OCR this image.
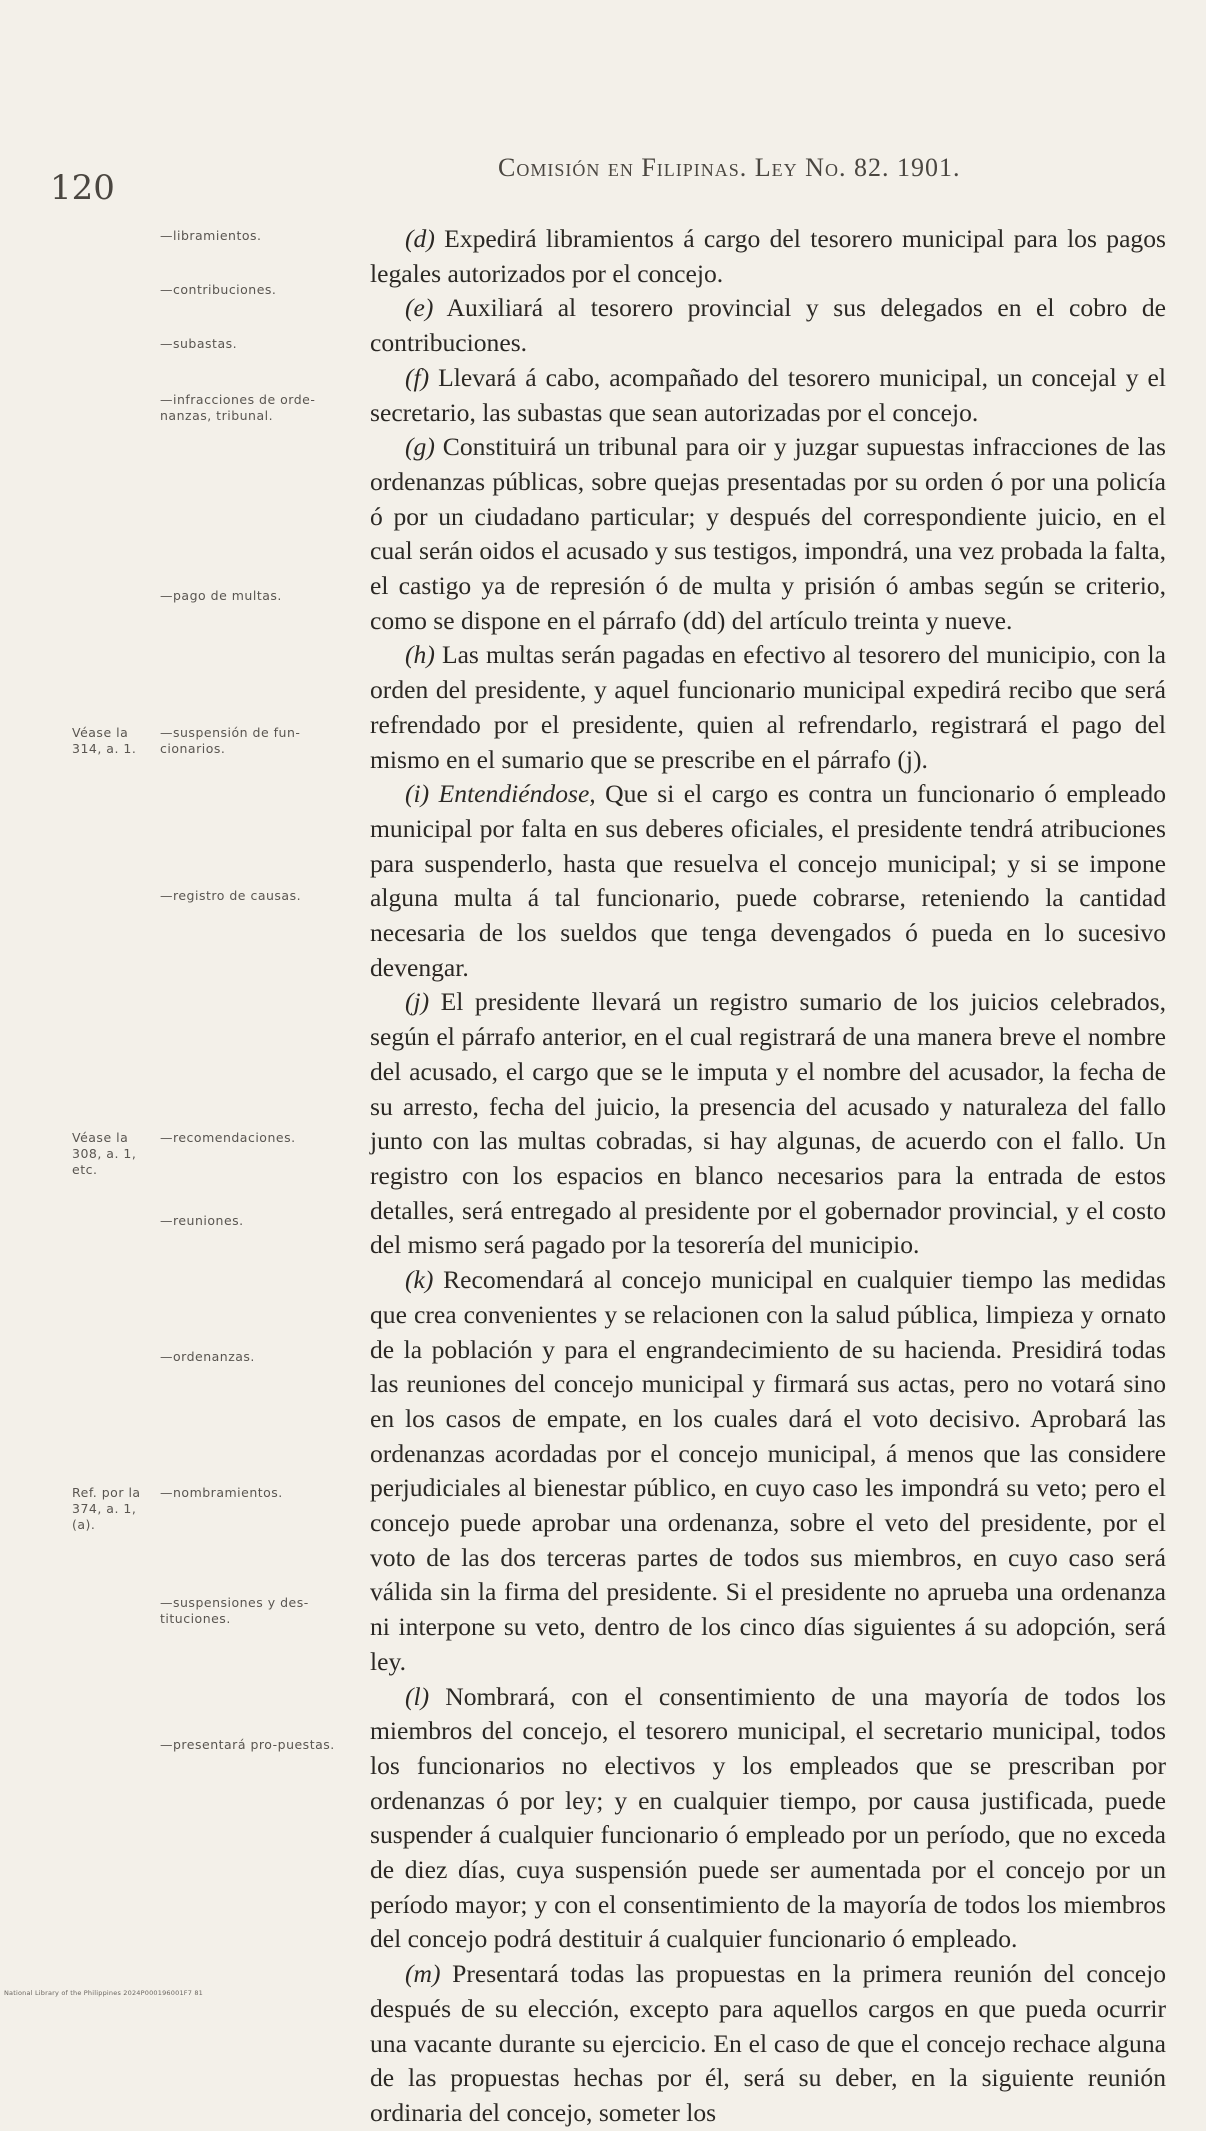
120
Comisión en Filipinas. Ley No. 82. 1901.
—libramientos.
—contribuciones.
—subastas.
—infracciones de orde-nanzas, tribunal.
—pago de multas.
Véase la 314, a. 1.
—suspensión de fun-cionarios.
—registro de causas.
Véase la 308, a. 1, etc.
—recomendaciones.
—reuniones.
—ordenanzas.
Ref. por la 374, a. 1, (a).
—nombramientos.
—suspensiones y des-tituciones.
—presentará pro-puestas.

(d) Expedirá libramientos á cargo del tesorero municipal para los pagos legales autorizados por el concejo.

(e) Auxiliará al tesorero provincial y sus delegados en el cobro de contribuciones.

(f) Llevará á cabo, acompañado del tesorero municipal, un concejal y el secretario, las subastas que sean autorizadas por el concejo.

(g) Constituirá un tribunal para oir y juzgar supuestas infracciones de las ordenanzas públicas, sobre quejas presentadas por su orden ó por una policía ó por un ciudadano particular; y después del correspondiente juicio, en el cual serán oidos el acusado y sus testigos, impondrá, una vez probada la falta, el castigo ya de represión ó de multa y prisión ó ambas según se criterio, como se dispone en el párrafo (dd) del artículo treinta y nueve.

(h) Las multas serán pagadas en efectivo al tesorero del municipio, con la orden del presidente, y aquel funcionario municipal expedirá recibo que será refrendado por el presidente, quien al refrendarlo, registrará el pago del mismo en el sumario que se prescribe en el párrafo (j).

(i) Entendiéndose, Que si el cargo es contra un funcionario ó empleado municipal por falta en sus deberes oficiales, el presidente tendrá atribuciones para suspenderlo, hasta que resuelva el concejo municipal; y si se impone alguna multa á tal funcionario, puede cobrarse, reteniendo la cantidad necesaria de los sueldos que tenga devengados ó pueda en lo sucesivo devengar.

(j) El presidente llevará un registro sumario de los juicios celebrados, según el párrafo anterior, en el cual registrará de una manera breve el nombre del acusado, el cargo que se le imputa y el nombre del acusador, la fecha de su arresto, fecha del juicio, la presencia del acusado y naturaleza del fallo junto con las multas cobradas, si hay algunas, de acuerdo con el fallo. Un registro con los espacios en blanco necesarios para la entrada de estos detalles, será entregado al presidente por el gobernador provincial, y el costo del mismo será pagado por la tesorería del municipio.

(k) Recomendará al concejo municipal en cualquier tiempo las medidas que crea convenientes y se relacionen con la salud pública, limpieza y ornato de la población y para el engrandecimiento de su hacienda. Presidirá todas las reuniones del concejo municipal y firmará sus actas, pero no votará sino en los casos de empate, en los cuales dará el voto decisivo. Aprobará las ordenanzas acordadas por el concejo municipal, á menos que las considere perjudiciales al bienestar público, en cuyo caso les impondrá su veto; pero el concejo puede aprobar una ordenanza, sobre el veto del presidente, por el voto de las dos terceras partes de todos sus miembros, en cuyo caso será válida sin la firma del presidente. Si el presidente no aprueba una ordenanza ni interpone su veto, dentro de los cinco días siguientes á su adopción, será ley.

(l) Nombrará, con el consentimiento de una mayoría de todos los miembros del concejo, el tesorero municipal, el secretario municipal, todos los funcionarios no electivos y los empleados que se prescriban por ordenanzas ó por ley; y en cualquier tiempo, por causa justificada, puede suspender á cualquier funcionario ó empleado por un período, que no exceda de diez días, cuya suspensión puede ser aumentada por el concejo por un período mayor; y con el consentimiento de la mayoría de todos los miembros del concejo podrá destituir á cualquier funcionario ó empleado.

(m) Presentará todas las propuestas en la primera reunión del concejo después de su elección, excepto para aquellos cargos en que pueda ocurrir una vacante durante su ejercicio. En el caso de que el concejo rechace alguna de las propuestas hechas por él, será su deber, en la siguiente reunión ordinaria del concejo, someter los

National Library of the Philippines 2024P000196001F7 81
